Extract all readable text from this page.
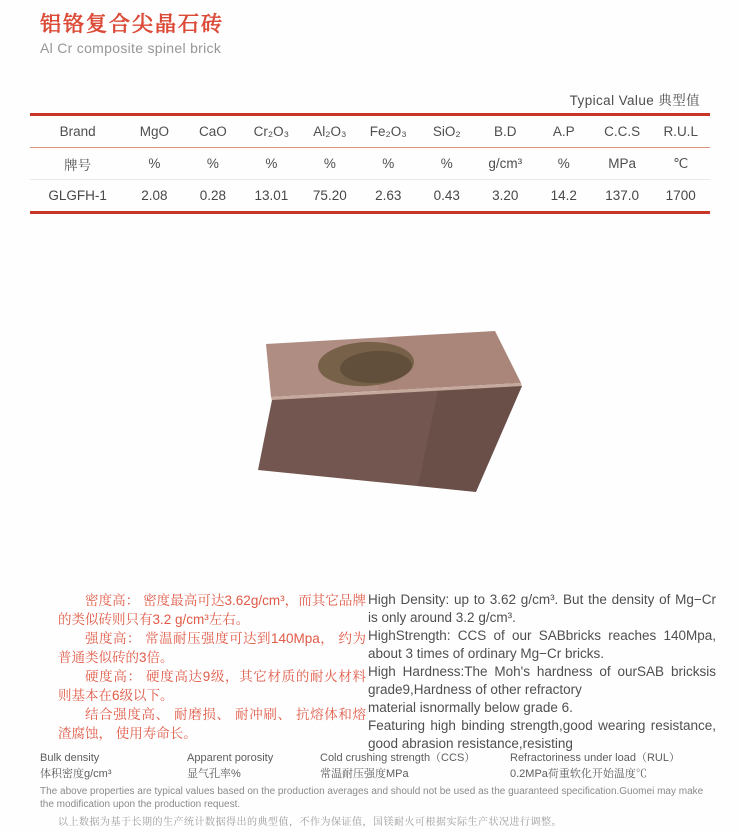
铝铬复合尖晶石砖
Al Cr composite spinel brick
Typical Value 典型值
Brand	MgO	CaO	Cr₂O₃	Al₂O₃	Fe₂O₃	SiO₂	B.D	A.P	C.C.S	R.U.L
牌号	%	%	%	%	%	%	g/cm³	%	MPa	℃
GLGFH-1	2.08	0.28	13.01	75.20	2.63	0.43	3.20	14.2	137.0	1700

密度高： 密度最高可达3.62g/cm³，而其它品牌的类似砖则只有3.2 g/cm³左右。

强度高： 常温耐压强度可达到140Mpa， 约为普通类似砖的3倍。

硬度高： 硬度高达9级，其它材质的耐火材料则基本在6级以下。

结合强度高、 耐磨损、 耐冲刷、 抗熔体和熔渣腐蚀， 使用寿命长。

High Density: up to 3.62 g/cm³. But the density of Mg−Cr is only around 3.2 g/cm³.

HighStrength: CCS of our SABbricks reaches 140Mpa, about 3 times of ordinary Mg−Cr bricks.

High Hardness:The Moh's hardness of ourSAB bricksis grade9,Hardness of other refractory

material isnormally below grade 6.

Featuring high binding strength,good wearing resistance, good abrasion resistance,resisting

Bulk density
体积密度g/cm³
Apparent porosity
显气孔率%
Cold crushing strength（CCS）
常温耐压强度MPa
Refractoriness under load（RUL）
0.2MPa荷重软化开始温度℃
The above properties are typical values based on the production averages and should not be used as the guaranteed specification.Guomei may make the modification upon the production request.
以上数据为基于长期的生产统计数据得出的典型值，不作为保证值，国镁耐火可根据实际生产状况进行调整。
